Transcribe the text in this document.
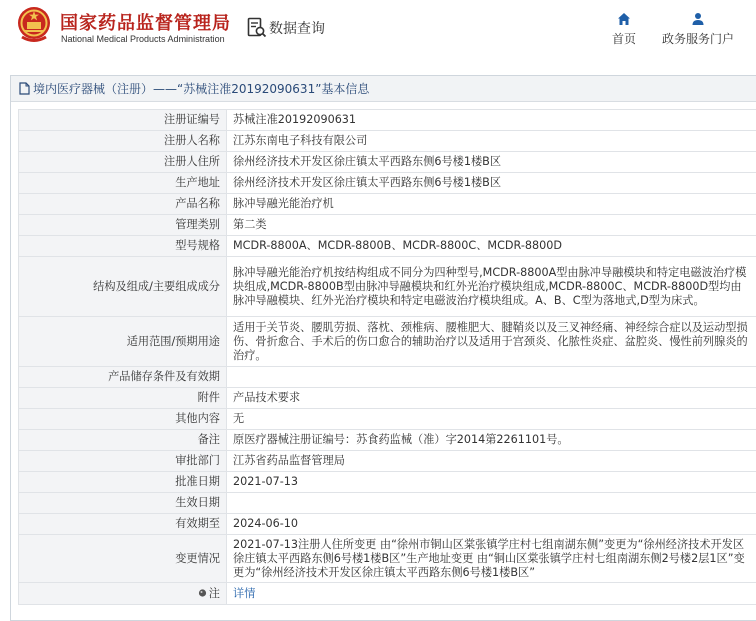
国家药品监督管理局
National Medical Products Administration
数据查询
首页	政务服务门户
境内医疗器械（注册）——“苏械注准20192090631”基本信息
注册证编号	苏械注准20192090631
注册人名称	江苏东南电子科技有限公司
注册人住所	徐州经济技术开发区徐庄镇太平西路东侧6号楼1楼B区
生产地址	徐州经济技术开发区徐庄镇太平西路东侧6号楼1楼B区
产品名称	脉冲导融光能治疗机
管理类别	第二类
型号规格	MCDR-8800A、MCDR-8800B、MCDR-8800C、MCDR-8800D
结构及组成/主要组成成分	脉冲导融光能治疗机按结构组成不同分为四种型号,MCDR-8800A型由脉冲导融模块和特定电磁波治疗模块组成,MCDR-8800B型由脉冲导融模块和红外光治疗模块组成,MCDR-8800C、MCDR-8800D型均由脉冲导融模块、红外光治疗模块和特定电磁波治疗模块组成。A、B、C型为落地式,D型为床式。
适用范围/预期用途	适用于关节炎、腰肌劳损、落枕、颈椎病、腰椎肥大、腱鞘炎以及三叉神经痛、神经综合症以及运动型损伤、骨折愈合、手术后的伤口愈合的辅助治疗以及适用于宫颈炎、化脓性炎症、盆腔炎、慢性前列腺炎的治疗。
产品储存条件及有效期	
附件	产品技术要求
其他内容	无
备注	原医疗器械注册证编号：苏食药监械（准）字2014第2261101号。
审批部门	江苏省药品监督管理局
批准日期	2021-07-13
生效日期	
有效期至	2024-06-10
变更情况	2021-07-13注册人住所变更 由“徐州市铜山区棠张镇学庄村七组南湖东侧”变更为“徐州经济技术开发区徐庄镇太平西路东侧6号楼1楼B区”生产地址变更 由“铜山区棠张镇学庄村七组南湖东侧2号楼2层1区”变更为“徐州经济技术开发区徐庄镇太平西路东侧6号楼1楼B区”
注	详情
